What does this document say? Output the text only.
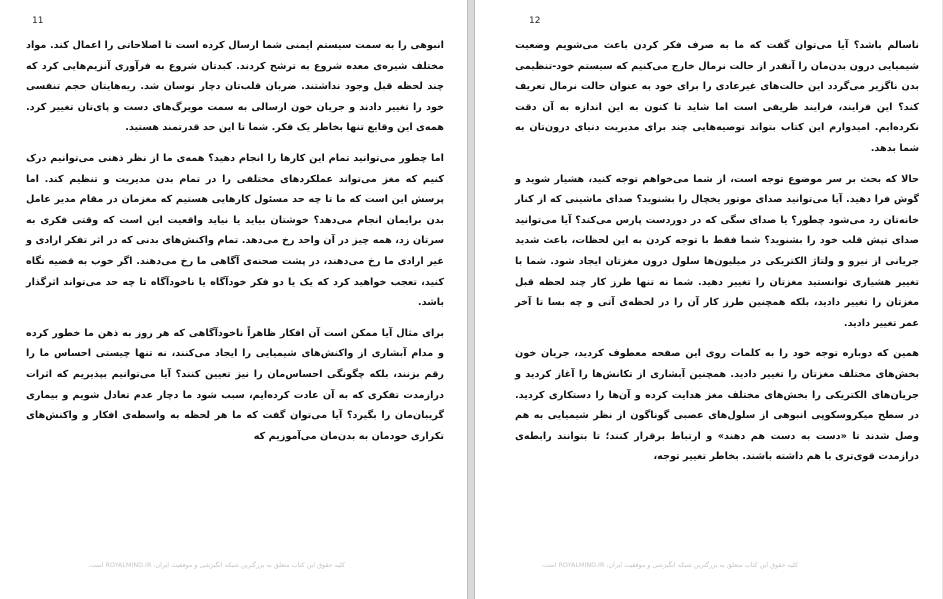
11

انبوهی را به سمت سیستم ایمنی شما ارسال کرده است تا اصلاحاتی را اعمال کند. مواد مختلف شیره‌ی معده شروع به ترشح کردند. کبدتان شروع به فرآوری آنزیم‌هایی کرد که چند لحظه قبل وجود نداشتند. ضربان قلب‌تان دچار نوسان شد. ریه‌هایتان حجم تنفسی خود را تغییر دادند و جریان خون ارسالی به سمت مویرگ‌های دست و پای‌تان تغییر کرد. همه‌ی این وقایع تنها بخاطر یک فکر. شما تا این حد قدرتمند هستید.

اما چطور می‌توانید تمام این کارها را انجام دهید؟ همه‌ی ما از نظر ذهنی می‌توانیم درک کنیم که مغز می‌تواند عملکردهای مختلفی را در تمام بدن مدیریت و تنظیم کند. اما پرسش این است که ما تا چه حد مسئول کارهایی هستیم که مغزمان در مقام مدیر عامل بدن برایمان انجام می‌دهد؟ خوشتان بیاید یا نیاید واقعیت این است که وقتی فکری به سرتان زد، همه چیز در آن واحد رخ می‌دهد. تمام واکنش‌های بدنی که در اثر تفکر ارادی و غیر ارادی ما رخ می‌دهند، در پشت صحنه‌ی آگاهی ما رخ می‌دهند. اگر خوب به قضیه نگاه کنید، تعجب خواهید کرد که یک یا دو فکر خودآگاه یا ناخودآگاه تا چه حد می‌تواند اثرگذار باشد.

برای مثال آیا ممکن است آن افکار ظاهراً ناخودآگاهی که هر روز به ذهن ما خطور کرده و مدام آبشاری از واکنش‌های شیمیایی را ایجاد می‌کنند، نه تنها چیستی احساس ما را رقم بزنند، بلکه چگونگی احساس‌مان را نیز تعیین کنند؟ آیا می‌توانیم بپذیریم که اثرات درازمدت تفکری که به آن عادت کرده‌ایم، سبب شود ما دچار عدم تعادل شویم و بیماری گریبان‌مان را بگیرد؟ آیا می‌توان گفت که ما هر لحظه به واسطه‌ی افکار و واکنش‌های تکراری خودمان به بدن‌مان می‌آموزیم که

کلیه حقوق این کتاب متعلق به بزرگترین شبکه انگیزشی و موفقیت ایران، ROYALMIND.IR است.
12

ناسالم باشد؟ آیا می‌توان گفت که ما به صرف فکر کردن باعث می‌شویم وضعیت شیمیایی درون بدن‌مان را آنقدر از حالت نرمال خارج می‌کنیم که سیستم خود-تنظیمی بدن ناگزیر می‌گردد این حالت‌های غیرعادی را برای خود به عنوان حالت نرمال تعریف کند؟ این فرایند، فرایند ظریفی است اما شاید تا کنون به این اندازه به آن دقت نکرده‌ایم. امیدوارم این کتاب بتواند توصیه‌هایی چند برای مدیریت دنیای درون‌تان به شما بدهد.

حالا که بحث بر سر موضوع توجه است، از شما می‌خواهم توجه کنید، هشیار شوید و گوش فرا دهید. آیا می‌توانید صدای موتور یخچال را بشنوید؟ صدای ماشینی که از کنار خانه‌تان رد می‌شود چطور؟ یا صدای سگی که در دوردست پارس می‌کند؟ آیا می‌توانید صدای تپش قلب خود را بشنوید؟ شما فقط با توجه کردن به این لحظات، باعث شدید جریانی از نیرو و ولتاژ الکتریکی در میلیون‌ها سلول درون مغزتان ایجاد شود. شما با تغییر هشیاری توانستید مغزتان را تغییر دهید. شما نه تنها طرز کار چند لحظه قبل مغزتان را تغییر دادید، بلکه همچنین طرز کار آن را در لحظه‌ی آتی و چه بسا تا آخر عمر تغییر دادید.

همین که دوباره توجه خود را به کلمات روی این صفحه معطوف کردید، جریان خون بخش‌های مختلف مغزتان را تغییر دادید. همچنین آبشاری از تکانش‌ها را آغاز کردید و جریان‌های الکتریکی را بخش‌های مختلف مغز هدایت کرده و آن‌ها را دستکاری کردید. در سطح میکروسکوپی انبوهی از سلول‌های عصبی گوناگون از نظر شیمیایی به هم وصل شدند تا «دست به دست هم دهند» و ارتباط برقرار کنند؛ تا بتوانند رابطه‌ی درازمدت قوی‌تری با هم داشته باشند. بخاطر تغییر توجه،

کلیه حقوق این کتاب متعلق به بزرگترین شبکه انگیزشی و موفقیت ایران، ROYALMIND.IR است.
